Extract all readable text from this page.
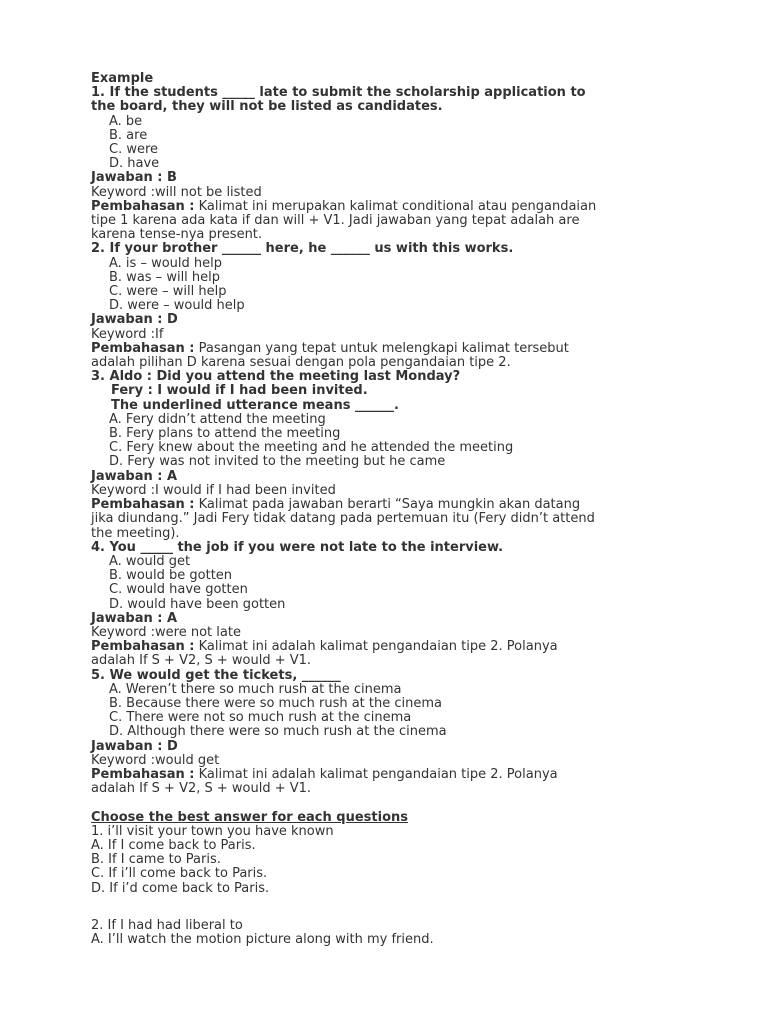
Example
1. If the students _____ late to submit the scholarship application to
the board, they will not be listed as candidates.
A. be
B. are
C. were
D. have
Jawaban : B
Keyword :will not be listed
Pembahasan : Kalimat ini merupakan kalimat conditional atau pengandaian
tipe 1 karena ada kata if dan will + V1. Jadi jawaban yang tepat adalah are
karena tense-nya present.
2. If your brother ______ here, he ______ us with this works.
A. is – would help
B. was – will help
C. were – will help
D. were – would help
Jawaban : D
Keyword :If
Pembahasan : Pasangan yang tepat untuk melengkapi kalimat tersebut
adalah pilihan D karena sesuai dengan pola pengandaian tipe 2.
3. Aldo : Did you attend the meeting last Monday?
Fery : I would if I had been invited.
The underlined utterance means ______.
A. Fery didn’t attend the meeting
B. Fery plans to attend the meeting
C. Fery knew about the meeting and he attended the meeting
D. Fery was not invited to the meeting but he came
Jawaban : A
Keyword :I would if I had been invited
Pembahasan : Kalimat pada jawaban berarti “Saya mungkin akan datang
jika diundang.” Jadi Fery tidak datang pada pertemuan itu (Fery didn’t attend
the meeting).
4. You _____ the job if you were not late to the interview.
A. would get
B. would be gotten
C. would have gotten
D. would have been gotten
Jawaban : A
Keyword :were not late
Pembahasan : Kalimat ini adalah kalimat pengandaian tipe 2. Polanya
adalah If S + V2, S + would + V1.
5. We would get the tickets, ______
A. Weren’t there so much rush at the cinema
B. Because there were so much rush at the cinema
C. There were not so much rush at the cinema
D. Although there were so much rush at the cinema
Jawaban : D
Keyword :would get
Pembahasan : Kalimat ini adalah kalimat pengandaian tipe 2. Polanya
adalah If S + V2, S + would + V1.
Choose the best answer for each questions
1. i’ll visit your town you have known
A. If I come back to Paris.
B. If I came to Paris.
C. If i’ll come back to Paris.
D. If i’d come back to Paris.
2. If I had had liberal to
A. I’ll watch the motion picture along with my friend.
